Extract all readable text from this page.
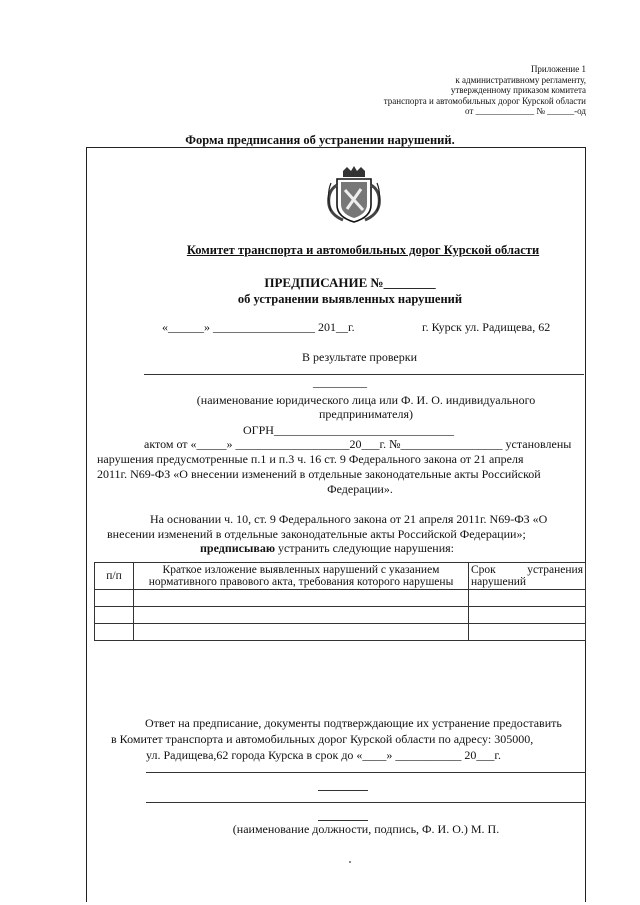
Приложение 1
к административному регламенту,
утвержденному приказом комитета
транспорта и автомобильных дорог Курской области
от _____________ № ______-од
Форма предписания об устранении нарушений.
Комитет транспорта и автомобильных дорог Курской области
ПРЕДПИСАНИЕ №________
об устранении выявленных нарушений
«______» _________________ 201__г.	г. Курск ул. Радищева, 62
В результате проверки
_________
(наименование юридического лица или Ф. И. О. индивидуального
предпринимателя)
ОГРН______________________________
актом от «_____» ___________________20___г. №_________________ установлены
нарушения предусмотренные п.1 и п.3 ч. 16 ст. 9 Федерального закона от 21 апреля
2011г. N69-ФЗ «О внесении изменений в отдельные законодательные акты Российской
Федерации».
На основании ч. 10, ст. 9 Федерального закона от 21 апреля 2011г. N69-ФЗ «О
внесении изменений в отдельные законодательные акты Российской Федерации»;
предписываю устранить следующие нарушения:
п/п	Краткое изложение выявленных нарушений с указанием нормативного правового акта, требования которого нарушены	Срок устранения нарушений

Ответ на предписание, документы подтверждающие их устранение предоставить
в Комитет транспорта и автомобильных дорог Курской области по адресу: 305000,
ул. Радищева,62 города Курска в срок до «____» ___________ 20___г.
(наименование должности, подпись, Ф. И. О.) М. П.
